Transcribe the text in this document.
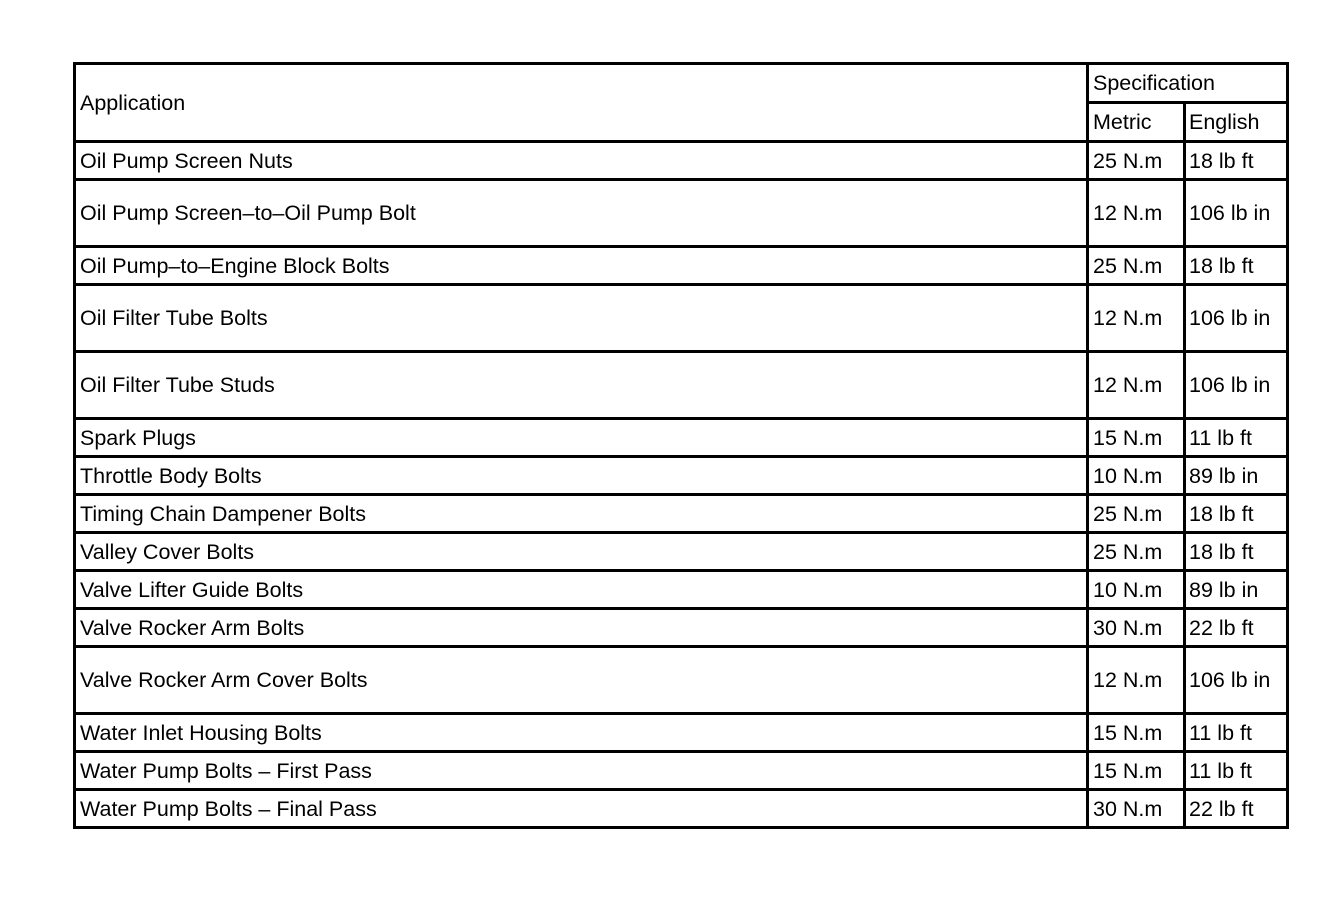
Application	Specification	
	Metric	English
Oil Pump Screen Nuts	25 N.m	18 lb ft
Oil Pump Screen–to–Oil Pump Bolt	12 N.m	106 lb in
Oil Pump–to–Engine Block Bolts	25 N.m	18 lb ft
Oil Filter Tube Bolts	12 N.m	106 lb in
Oil Filter Tube Studs	12 N.m	106 lb in
Spark Plugs	15 N.m	11 lb ft
Throttle Body Bolts	10 N.m	89 lb in
Timing Chain Dampener Bolts	25 N.m	18 lb ft
Valley Cover Bolts	25 N.m	18 lb ft
Valve Lifter Guide Bolts	10 N.m	89 lb in
Valve Rocker Arm Bolts	30 N.m	22 lb ft
Valve Rocker Arm Cover Bolts	12 N.m	106 lb in
Water Inlet Housing Bolts	15 N.m	11 lb ft
Water Pump Bolts – First Pass	15 N.m	11 lb ft
Water Pump Bolts – Final Pass	30 N.m	22 lb ft
